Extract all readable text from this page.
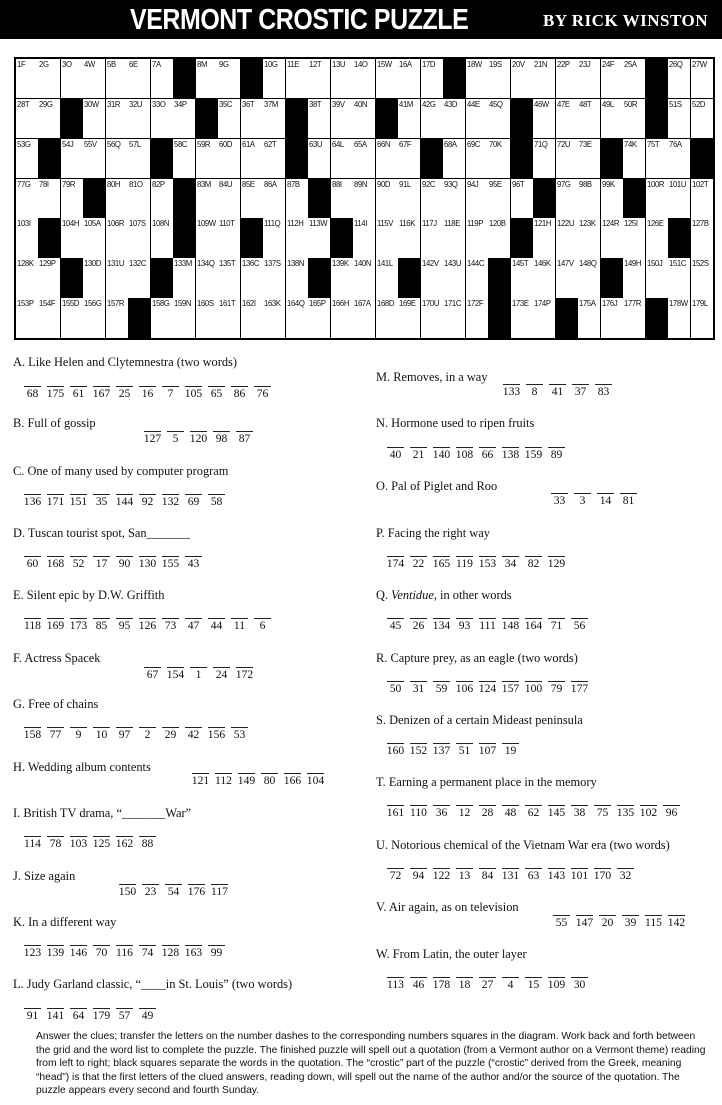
VERMONT CROSTIC PUZZLE	BY RICK WINSTON
1F 2G 3O 4W 5B 6E 7A	8M 9G	10G 11E 12T 13U 14O 15W 16A 17D	18W 19S 20V 21N 22P 23J 24F 25A	26Q 27W
28T 29G	30W 31R 32U 33O 34P	35C 36T 37M	38T 39V 40N	41M 42G 43D 44E 45Q	46W 47E 48T 49L 50R	51S 52D
53G	54J 55V 56Q 57L	58C 59R 60D 61A 62T	63U 64L 65A 66N 67F	68A 69C 70K	71Q 72U 73E	74K 75T 76A
77G 78I 79R	80H 81O 82P	83M 84U 85E 86A 87B	88I 89N 90D 91L 92C 93Q 94J 95E 96T	97G 98B 99K	100R 101U 102T
103I	104H 105A 106R 107S 108N	109W 110T	111Q 112H 113W	114I 115V 116K 117J 118E 119P 120B	121H 122U 123K 124R 125I 126E	127B
128K 129P	130D 131U 132C	133M 134Q 135T 136C 137S 138N	139K 140N 141L	142V 143U 144C	145T 146K 147V 148Q	149H 150J 151C 152S
153P 154F 155D 156G 157R	158G 159N 160S 161T 162I 163K 164Q 165P 166H 167A 168D 169E 170U 171C 172F	173E 174P	175A 176J 177R	178W 179L
A. Like Helen and Clytemnestra (two words)
68 175 61 167 25 16	7 105 65 86 76
B. Full of gossip
127 5 120 98 87
C. One of many used by computer program
136 171 151 35 144 92 132 69 58
D. Tuscan tourist spot, San_______
60 168 52 17 90 130 155 43
E. Silent epic by D.W. Griffith
118 169 173 85 95 126 73 47 44	11	6
F. Actress Spacek
67 154 1	24 172
G. Free of chains
158 77	9	10 97	2	29 42 156 53
H. Wedding album contents
121 112 149 80 166 104
I. British TV drama, “_______War”
114 78 103 125 162 88
J. Size again
150 23 54 176 117
K. In a different way
123 139 146 70 116 74 128 163 99
L. Judy Garland classic, “____in St. Louis” (two words)
91 141 64 179 57 49
M. Removes, in a way
133 8	41 37 83
N. Hormone used to ripen fruits
40 21 140 108 66 138 159 89
O. Pal of Piglet and Roo
33	3	14 81
P. Facing the right way
174 22 165 119 153 34 82 129
Q. Ventidue, in other words
45 26 134 93 111 148 164 71 56
R. Capture prey, as an eagle (two words)
50 31 59 106 124 157 100 79 177
S. Denizen of a certain Mideast peninsula
160 152 137 51 107 19
T. Earning a permanent place in the memory
161 110 36 12 28 48 62 145 38 75 135 102 96
U. Notorious chemical of the Vietnam War era (two words)
72 94 122 13 84 131 63 143 101 170 32
V. Air again, as on television
55 147 20 39 115 142
W. From Latin, the outer layer
113 46 178 18 27	4	15 109 30
Answer the clues; transfer the letters on the number dashes to the corresponding numbers squares in the diagram. Work back and forth between the grid and the word list to complete the puzzle. The finished puzzle will spell out a quotation (from a Vermont author on a Vermont theme) reading from left to right; black squares separate the words in the quotation. The “crostic” part of the puzzle (“crostic” derived from the Greek, meaning “head”) is that the first letters of the clued answers, reading down, will spell out the name of the author and/or the source of the quotation. The puzzle appears every second and fourth Sunday.
